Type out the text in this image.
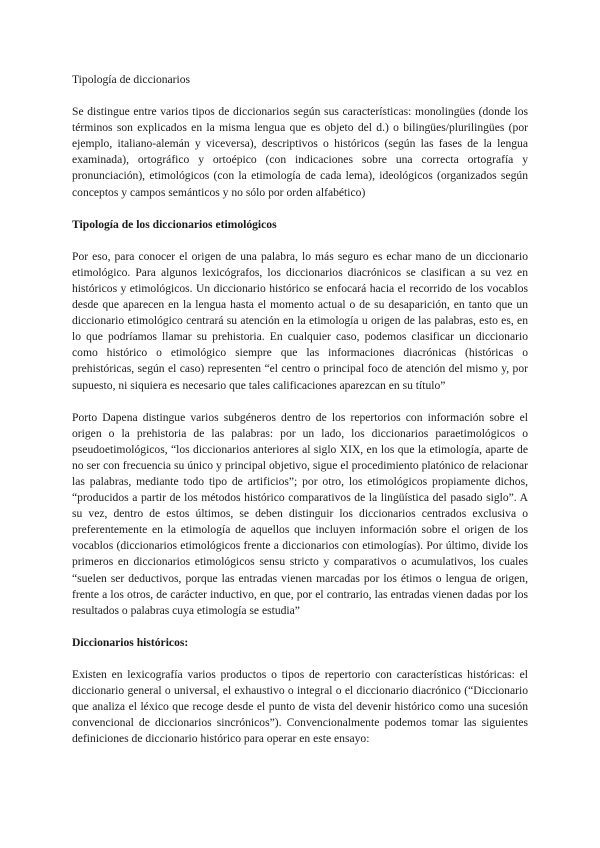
Tipología de diccionarios

Se distingue entre varios tipos de diccionarios según sus características: monolingües (donde los términos son explicados en la misma lengua que es objeto del d.) o bilingües/plurilingües (por ejemplo, italiano-alemán y viceversa), descriptivos o históricos (según las fases de la lengua examinada), ortográfico y ortoépico (con indicaciones sobre una correcta ortografía y pronunciación), etimológicos (con la etimología de cada lema), ideológicos (organizados según conceptos y campos semánticos y no sólo por orden alfabético)

Tipología de los diccionarios etimológicos

Por eso, para conocer el origen de una palabra, lo más seguro es echar mano de un diccionario etimológico. Para algunos lexicógrafos, los diccionarios diacrónicos se clasifican a su vez en históricos y etimológicos. Un diccionario histórico se enfocará hacia el recorrido de los vocablos desde que aparecen en la lengua hasta el momento actual o de su desaparición, en tanto que un diccionario etimológico centrará su atención en la etimología u origen de las palabras, esto es, en lo que podríamos llamar su prehistoria. En cualquier caso, podemos clasificar un diccionario como histórico o etimológico siempre que las informaciones diacrónicas (históricas o prehistóricas, según el caso) representen “el centro o principal foco de atención del mismo y, por supuesto, ni siquiera es necesario que tales calificaciones aparezcan en su título”

Porto Dapena distingue varios subgéneros dentro de los repertorios con información sobre el origen o la prehistoria de las palabras: por un lado, los diccionarios paraetimológicos o pseudoetimológicos, “los diccionarios anteriores al siglo XIX, en los que la etimología, aparte de no ser con frecuencia su único y principal objetivo, sigue el procedimiento platónico de relacionar las palabras, mediante todo tipo de artificios”; por otro, los etimológicos propiamente dichos, “producidos a partir de los métodos histórico comparativos de la lingüística del pasado siglo”. A su vez, dentro de estos últimos, se deben distinguir los diccionarios centrados exclusiva o preferentemente en la etimología de aquellos que incluyen información sobre el origen de los vocablos (diccionarios etimológicos frente a diccionarios con etimologías). Por último, divide los primeros en diccionarios etimológicos sensu stricto y comparativos o acumulativos, los cuales “suelen ser deductivos, porque las entradas vienen marcadas por los étimos o lengua de origen, frente a los otros, de carácter inductivo, en que, por el contrario, las entradas vienen dadas por los resultados o palabras cuya etimología se estudia”

Diccionarios históricos:

Existen en lexicografía varios productos o tipos de repertorio con características históricas: el diccionario general o universal, el exhaustivo o integral o el diccionario diacrónico (“Diccionario que analiza el léxico que recoge desde el punto de vista del devenir histórico como una sucesión convencional de diccionarios sincrónicos”). Convencionalmente podemos tomar las siguientes definiciones de diccionario histórico para operar en este ensayo:
